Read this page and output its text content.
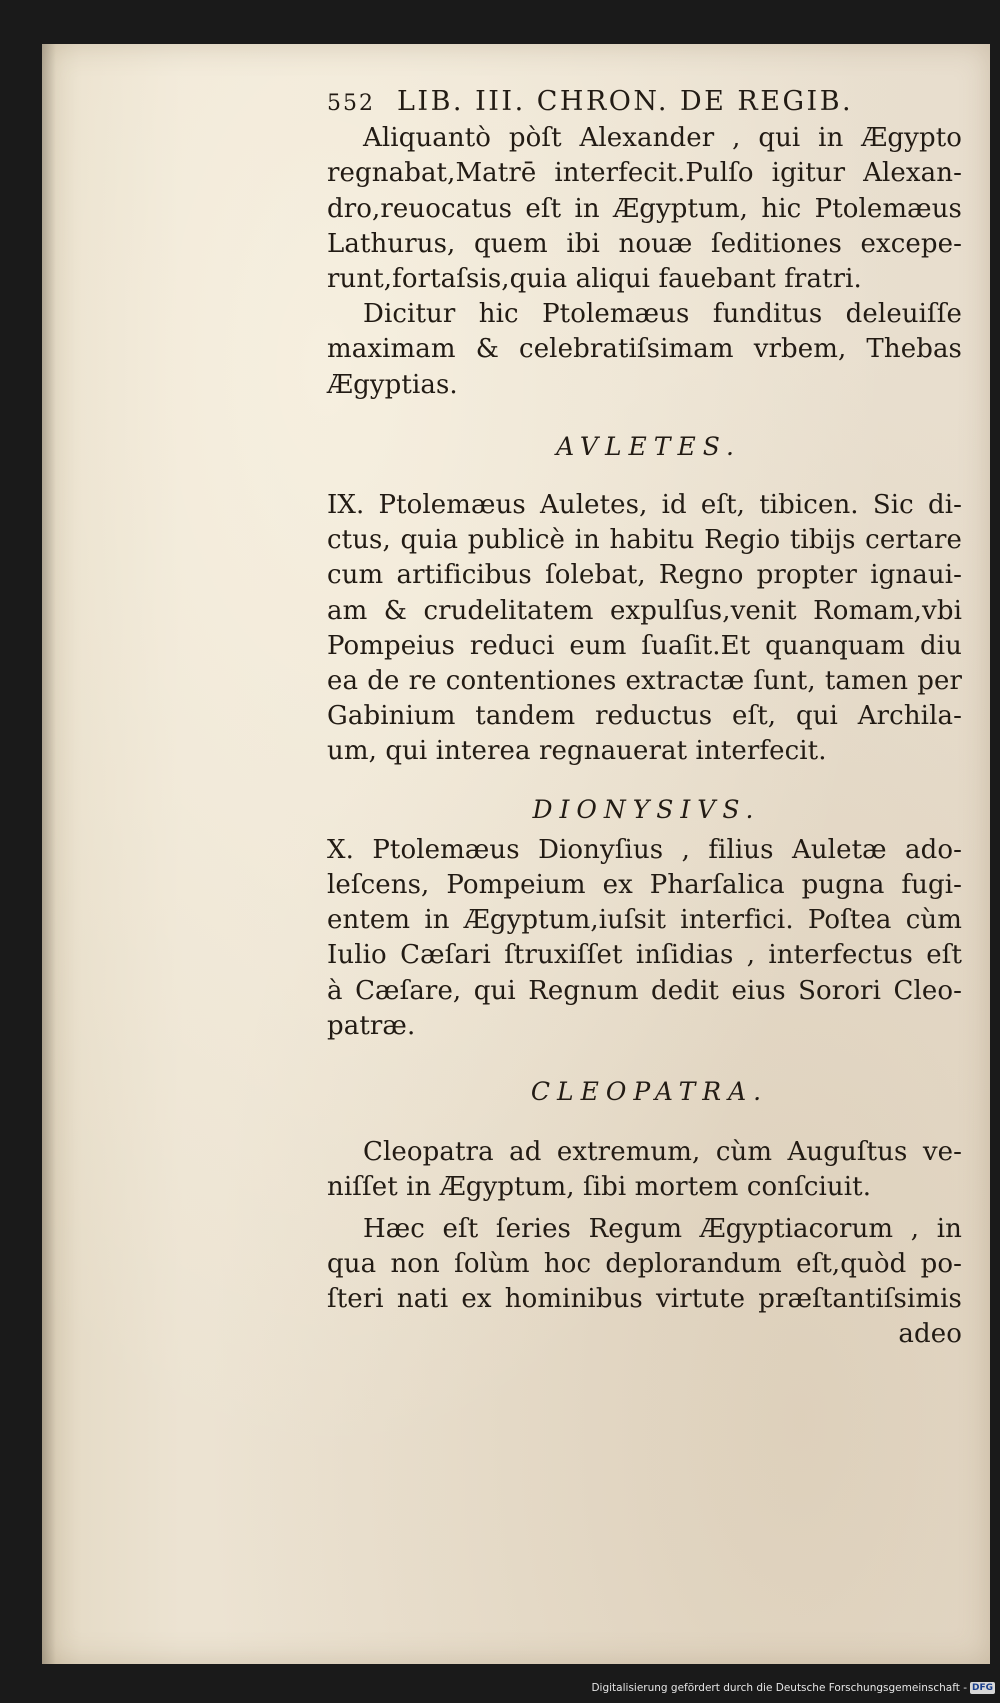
552 LIB. III. CHRON. DE REGIB.
Aliquantò pòſt Alexander , qui in Ægypto
regnabat,Matrē interfecit.Pulſo igitur Alexan-
dro,reuocatus eſt in Ægyptum, hic Ptolemæus
Lathurus, quem ibi nouæ ſeditiones excepe-
runt,fortaſsis,quia aliqui fauebant fratri.
Dicitur hic Ptolemæus funditus deleuiſſe
maximam & celebratiſsimam vrbem, Thebas
Ægyptias.

AVLETES.

IX. Ptolemæus Auletes, id eſt, tibicen. Sic di-
ctus, quia publicè in habitu Regio tibijs certare
cum artificibus ſolebat, Regno propter ignaui-
am & crudelitatem expulſus,venit Romam,vbi
Pompeius reduci eum ſuaſit.Et quanquam diu
ea de re contentiones extractæ ſunt, tamen per
Gabinium tandem reductus eſt, qui Archila-
um, qui interea regnauerat interfecit.

DIONYSIVS.

X. Ptolemæus Dionyſius , filius Auletæ ado-
leſcens, Pompeium ex Pharſalica pugna fugi-
entem in Ægyptum,iuſsit interfici. Poſtea cùm
Iulio Cæſari ſtruxiſſet inſidias , interfectus eſt
à Cæſare, qui Regnum dedit eius Sorori Cleo-
patræ.

CLEOPATRA.

Cleopatra ad extremum, cùm Auguſtus ve-
niſſet in Ægyptum, ſibi mortem conſciuit.
Hæc eſt ſeries Regum Ægyptiacorum , in
qua non ſolùm hoc deplorandum eſt,quòd po-
ſteri nati ex hominibus virtute præſtantiſsimis

adeo

Digitalisierung gefördert durch die Deutsche Forschungsgemeinschaft - DFG
